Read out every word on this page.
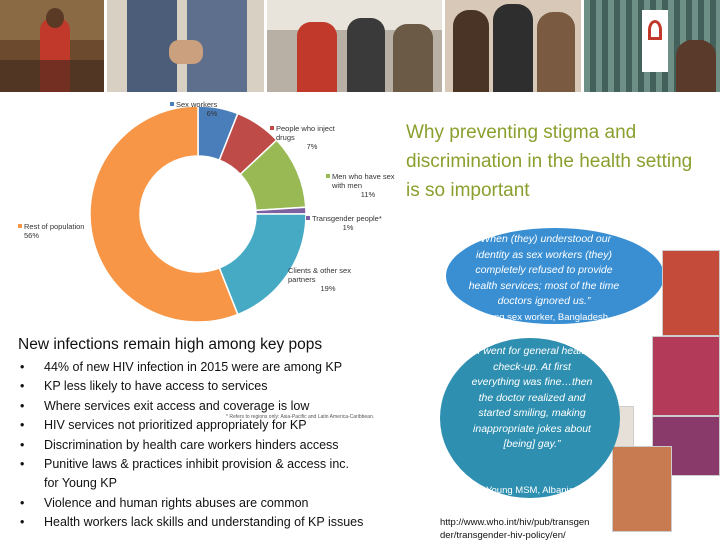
Why preventing stigma and discrimination in the health setting is so important
Sex workers
6%
People who inject drugs
7%
Men who have sex with men
11%
Transgender people*
1%
Clients & other sex partners
19%
Rest of population
56%
* Refers to regions only: Asia-Pacific and Latin America-Caribbean.
“When (they) understood our identity as sex workers (they) completely refused to provide health services; most of the time doctors ignored us.”
Young sex worker, Bangladesh
“I went for general health check-up. At first everything was fine…then the doctor realized and started smiling, making inappropriate jokes about [being] gay.”
Young MSM, Albania
New infections remain high among key pops
• 44% of new HIV infection in 2015 were are among KP
• KP less likely to have access to services
• Where services exit access and coverage is low
• HIV services not prioritized appropriately for KP
• Discrimination by health care workers hinders access
• Punitive laws & practices inhibit provision & access inc. for Young KP
• Violence and human rights abuses are common
• Health workers lack skills and understanding of KP issues	http://www.who.int/hiv/pub/transgender/transgender-hiv-policy/en/
